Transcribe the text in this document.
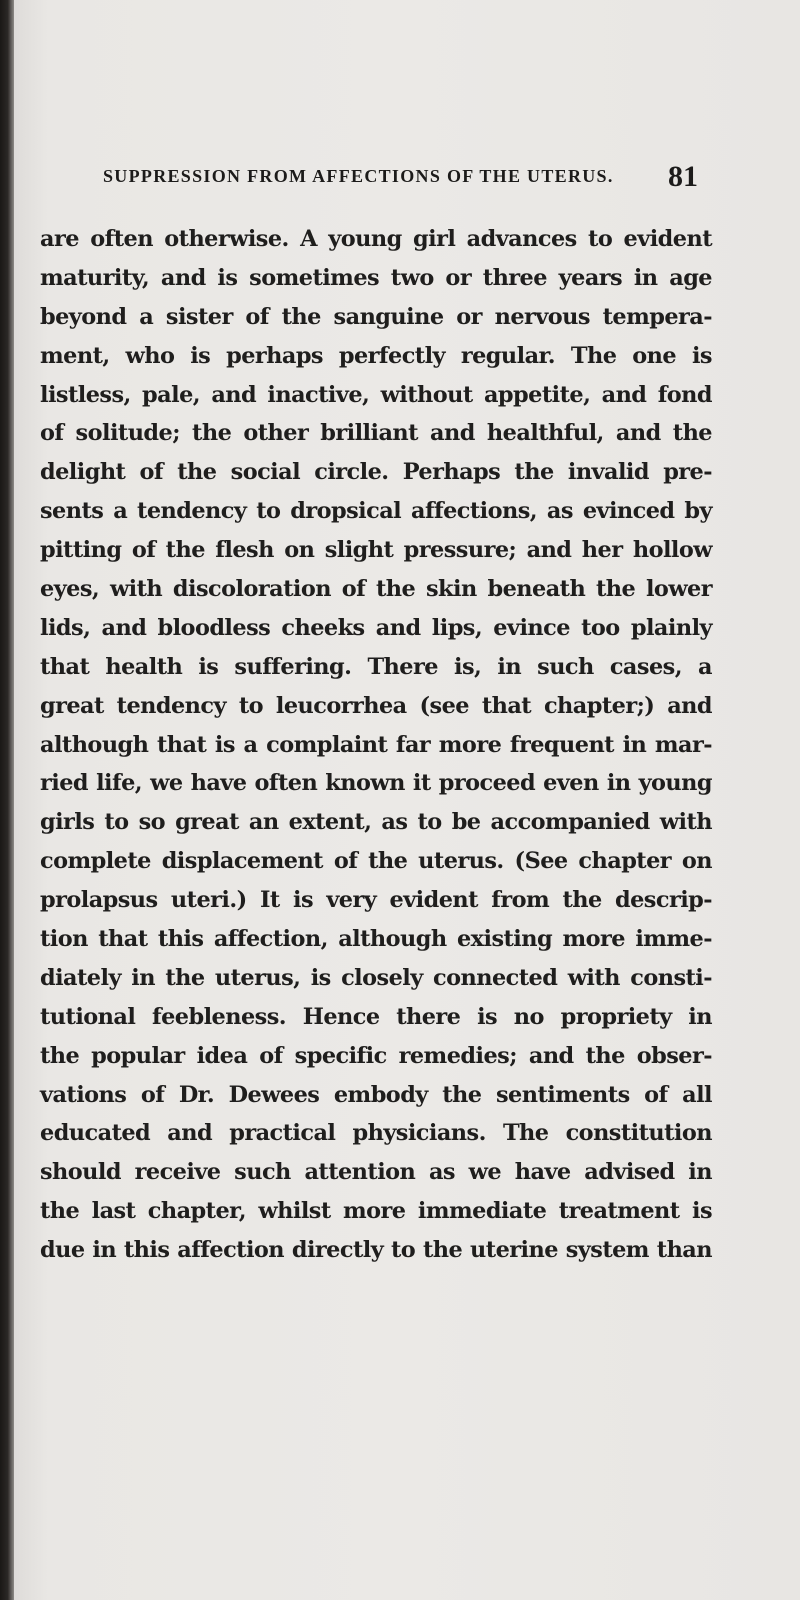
SUPPRESSION FROM AFFECTIONS OF THE UTERUS. 81
are often otherwise. A young girl advances to evident
maturity, and is sometimes two or three years in age
beyond a sister of the sanguine or nervous tempera-
ment, who is perhaps perfectly regular. The one is
listless, pale, and inactive, without appetite, and fond
of solitude; the other brilliant and healthful, and the
delight of the social circle. Perhaps the invalid pre-
sents a tendency to dropsical affections, as evinced by
pitting of the flesh on slight pressure; and her hollow
eyes, with discoloration of the skin beneath the lower
lids, and bloodless cheeks and lips, evince too plainly
that health is suffering. There is, in such cases, a
great tendency to leucorrhea (see that chapter;) and
although that is a complaint far more frequent in mar-
ried life, we have often known it proceed even in young
girls to so great an extent, as to be accompanied with
complete displacement of the uterus. (See chapter on
prolapsus uteri.) It is very evident from the descrip-
tion that this affection, although existing more imme-
diately in the uterus, is closely connected with consti-
tutional feebleness. Hence there is no propriety in
the popular idea of specific remedies; and the obser-
vations of Dr. Dewees embody the sentiments of all
educated and practical physicians. The constitution
should receive such attention as we have advised in
the last chapter, whilst more immediate treatment is
due in this affection directly to the uterine system than
